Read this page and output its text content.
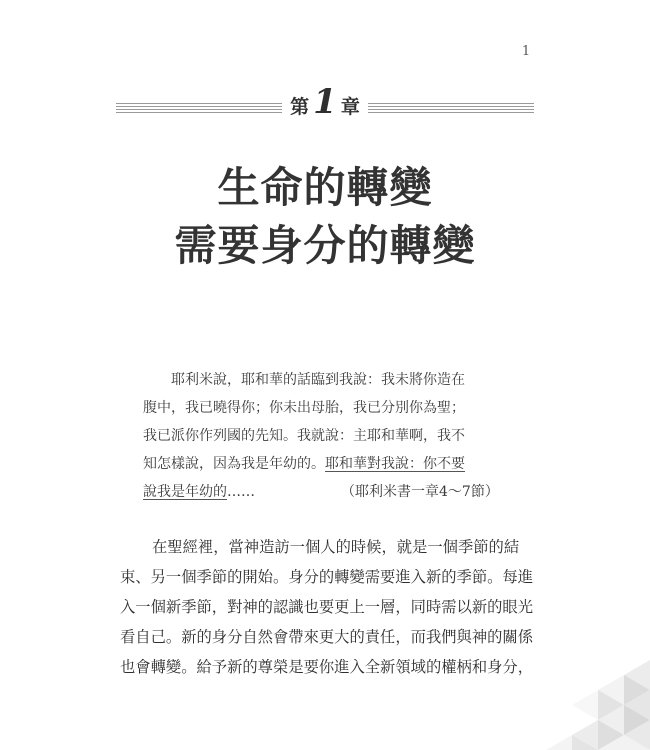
1
第 1 章
生命的轉變
需要身分的轉變
耶利米說，耶和華的話臨到我說：我未將你造在
腹中，我已曉得你；你未出母胎，我已分別你為聖；
我已派你作列國的先知。我就說：主耶和華啊，我不
知怎樣說，因為我是年幼的。耶和華對我說：你不要
說我是年幼的……	（耶利米書一章4～7節）
在聖經裡，當神造訪一個人的時候，就是一個季節的結
束、另一個季節的開始。身分的轉變需要進入新的季節。每進
入一個新季節，對神的認識也要更上一層，同時需以新的眼光
看自己。新的身分自然會帶來更大的責任，而我們與神的關係
也會轉變。給予新的尊榮是要你進入全新領域的權柄和身分，
